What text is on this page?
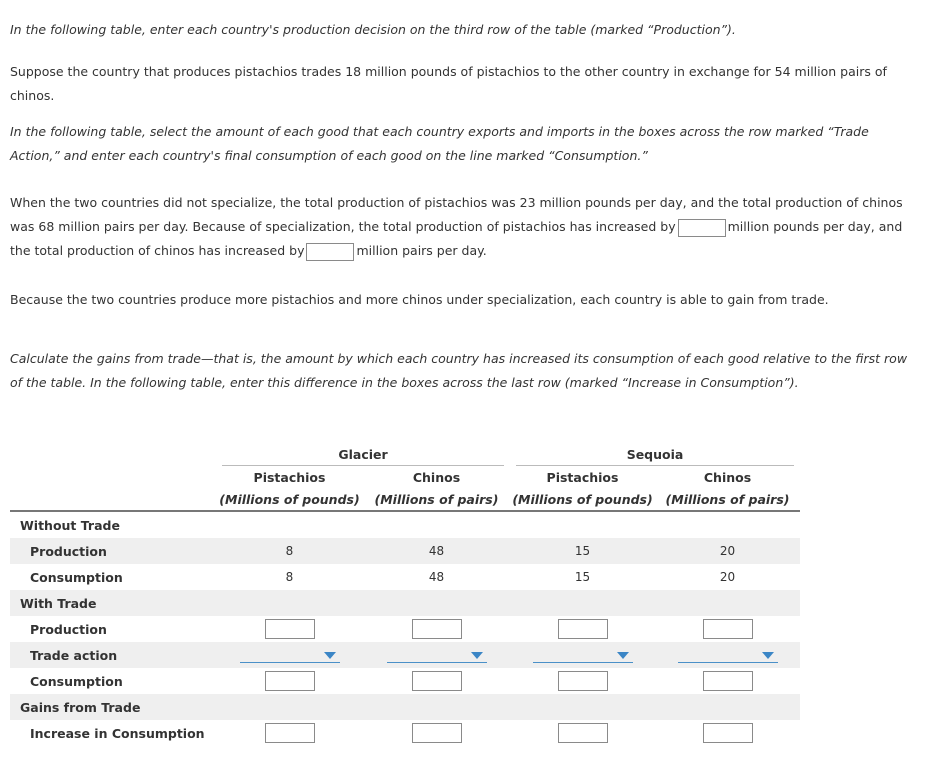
In the following table, enter each country's production decision on the third row of the table (marked “Production”).

Suppose the country that produces pistachios trades 18 million pounds of pistachios to the other country in exchange for 54 million pairs of chinos.

In the following table, select the amount of each good that each country exports and imports in the boxes across the row marked “Trade Action,” and enter each country's final consumption of each good on the line marked “Consumption.”

When the two countries did not specialize, the total production of pistachios was 23 million pounds per day, and the total production of chinos was 68 million pairs per day. Because of specialization, the total production of pistachios has increased by	million pounds per day, and the total production of chinos has increased by	million pairs per day.

Because the two countries produce more pistachios and more chinos under specialization, each country is able to gain from trade.

Calculate the gains from trade—that is, the amount by which each country has increased its consumption of each good relative to the first row of the table. In the following table, enter this difference in the boxes across the last row (marked “Increase in Consumption”).

	Glacier		Sequoia	

	Pistachios	Chinos	Pistachios	Chinos
	(Millions of pounds)	(Millions of pairs)	(Millions of pounds)	(Millions of pairs)
Without Trade				
Production	8	48	15	20
Consumption	8	48	15	20
With Trade				
Production				
Trade action	

Consumption				
Gains from Trade				
Increase in Consumption				
